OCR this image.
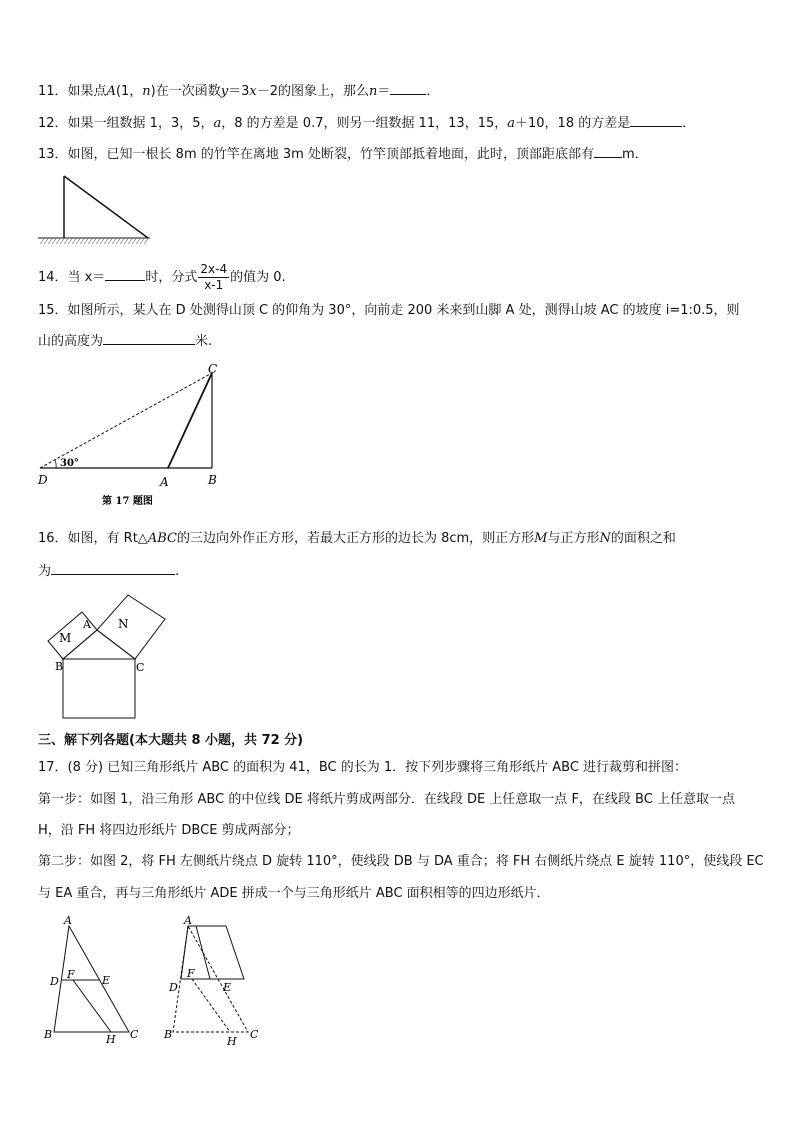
11．如果点A(1，n)在一次函数y＝3x－2的图象上，那么n＝	．
12．如果一组数据 1，3，5，a，8 的方差是 0.7，则另一组数据 11，13，15，a＋10，18 的方差是	．
13．如图，已知一根长 8m 的竹竿在离地 3m 处断裂，竹竿顶部抵着地面，此时，顶部距底部有 m．
14．当 x＝	时，分式 $\frac{2x-4}{x-1}$ 的值为 0.
15．如图所示，某人在 D 处测得山顶 C 的仰角为 30°，向前走 200 米来到山脚 A 处，测得山坡 AC 的坡度 i=1:0.5，则
山的高度为	米.
30°
C
D	A	B
第 17 题图
16．如图，有 Rt△ABC的三边向外作正方形，若最大正方形的边长为 8cm，则正方形M与正方形N的面积之和
为	.
M
N
A
B	C
三、解下列各题(本大题共 8 小题，共 72 分)
17．(8 分) 已知三角形纸片 ABC 的面积为 41，BC 的长为 1．按下列步骤将三角形纸片 ABC 进行裁剪和拼图：
第一步：如图 1，沿三角形 ABC 的中位线 DE 将纸片剪成两部分．在线段 DE 上任意取一点 F，在线段 BC 上任意取一点
H，沿 FH 将四边形纸片 DBCE 剪成两部分；
第二步：如图 2，将 FH 左侧纸片绕点 D 旋转 110°，使线段 DB 与 DA 重合；将 FH 右侧纸片绕点 E 旋转 110°，使线段 EC
与 EA 重合，再与三角形纸片 ADE 拼成一个与三角形纸片 ABC 面积相等的四边形纸片．
A
D
F E
B	H C
A
D
F
E
B
H
C
